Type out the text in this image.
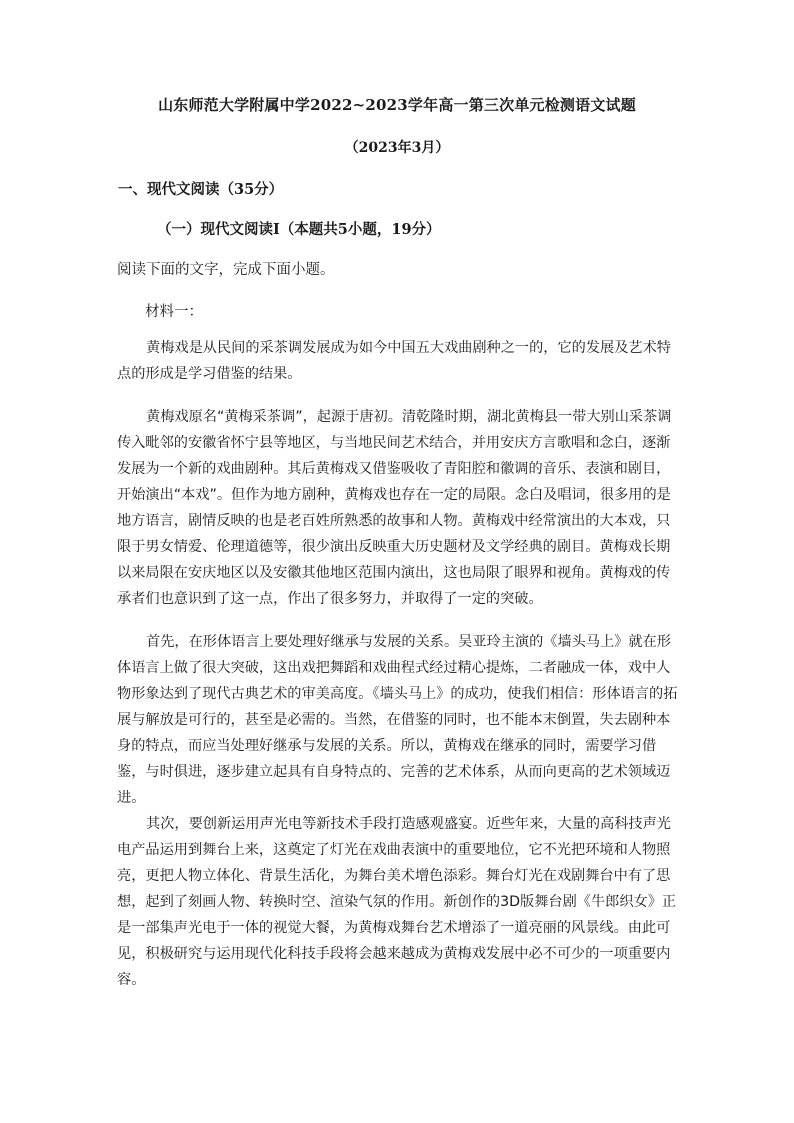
山东师范大学附属中学2022~2023学年高一第三次单元检测语文试题
（2023年3月）
一、现代文阅读（35分）
（一）现代文阅读Ⅰ（本题共5小题，19分）
阅读下面的文字，完成下面小题。
材料一：
黄梅戏是从民间的采茶调发展成为如今中国五大戏曲剧种之一的，它的发展及艺术特
点的形成是学习借鉴的结果。
黄梅戏原名“黄梅采茶调”，起源于唐初。清乾隆时期，湖北黄梅县一带大别山采茶调
传入毗邻的安徽省怀宁县等地区，与当地民间艺术结合，并用安庆方言歌唱和念白，逐渐
发展为一个新的戏曲剧种。其后黄梅戏又借鉴吸收了青阳腔和徽调的音乐、表演和剧目，
开始演出“本戏”。但作为地方剧种，黄梅戏也存在一定的局限。念白及唱词，很多用的是
地方语言，剧情反映的也是老百姓所熟悉的故事和人物。黄梅戏中经常演出的大本戏，只
限于男女情爱、伦理道德等，很少演出反映重大历史题材及文学经典的剧目。黄梅戏长期
以来局限在安庆地区以及安徽其他地区范围内演出，这也局限了眼界和视角。黄梅戏的传
承者们也意识到了这一点，作出了很多努力，并取得了一定的突破。
首先，在形体语言上要处理好继承与发展的关系。吴亚玲主演的《墙头马上》就在形
体语言上做了很大突破，这出戏把舞蹈和戏曲程式经过精心提炼，二者融成一体，戏中人
物形象达到了现代古典艺术的审美高度。《墙头马上》的成功，使我们相信：形体语言的拓
展与解放是可行的，甚至是必需的。当然，在借鉴的同时，也不能本末倒置，失去剧种本
身的特点，而应当处理好继承与发展的关系。所以，黄梅戏在继承的同时，需要学习借
鉴，与时俱进，逐步建立起具有自身特点的、完善的艺术体系，从而向更高的艺术领域迈
进。
其次，要创新运用声光电等新技术手段打造感观盛宴。近些年来，大量的高科技声光
电产品运用到舞台上来，这奠定了灯光在戏曲表演中的重要地位，它不光把环境和人物照
亮，更把人物立体化、背景生活化，为舞台美术增色添彩。舞台灯光在戏剧舞台中有了思
想，起到了刻画人物、转换时空、渲染气氛的作用。新创作的3D版舞台剧《牛郎织女》正
是一部集声光电于一体的视觉大餐，为黄梅戏舞台艺术增添了一道亮丽的风景线。由此可
见，积极研究与运用现代化科技手段将会越来越成为黄梅戏发展中必不可少的一项重要内
容。
